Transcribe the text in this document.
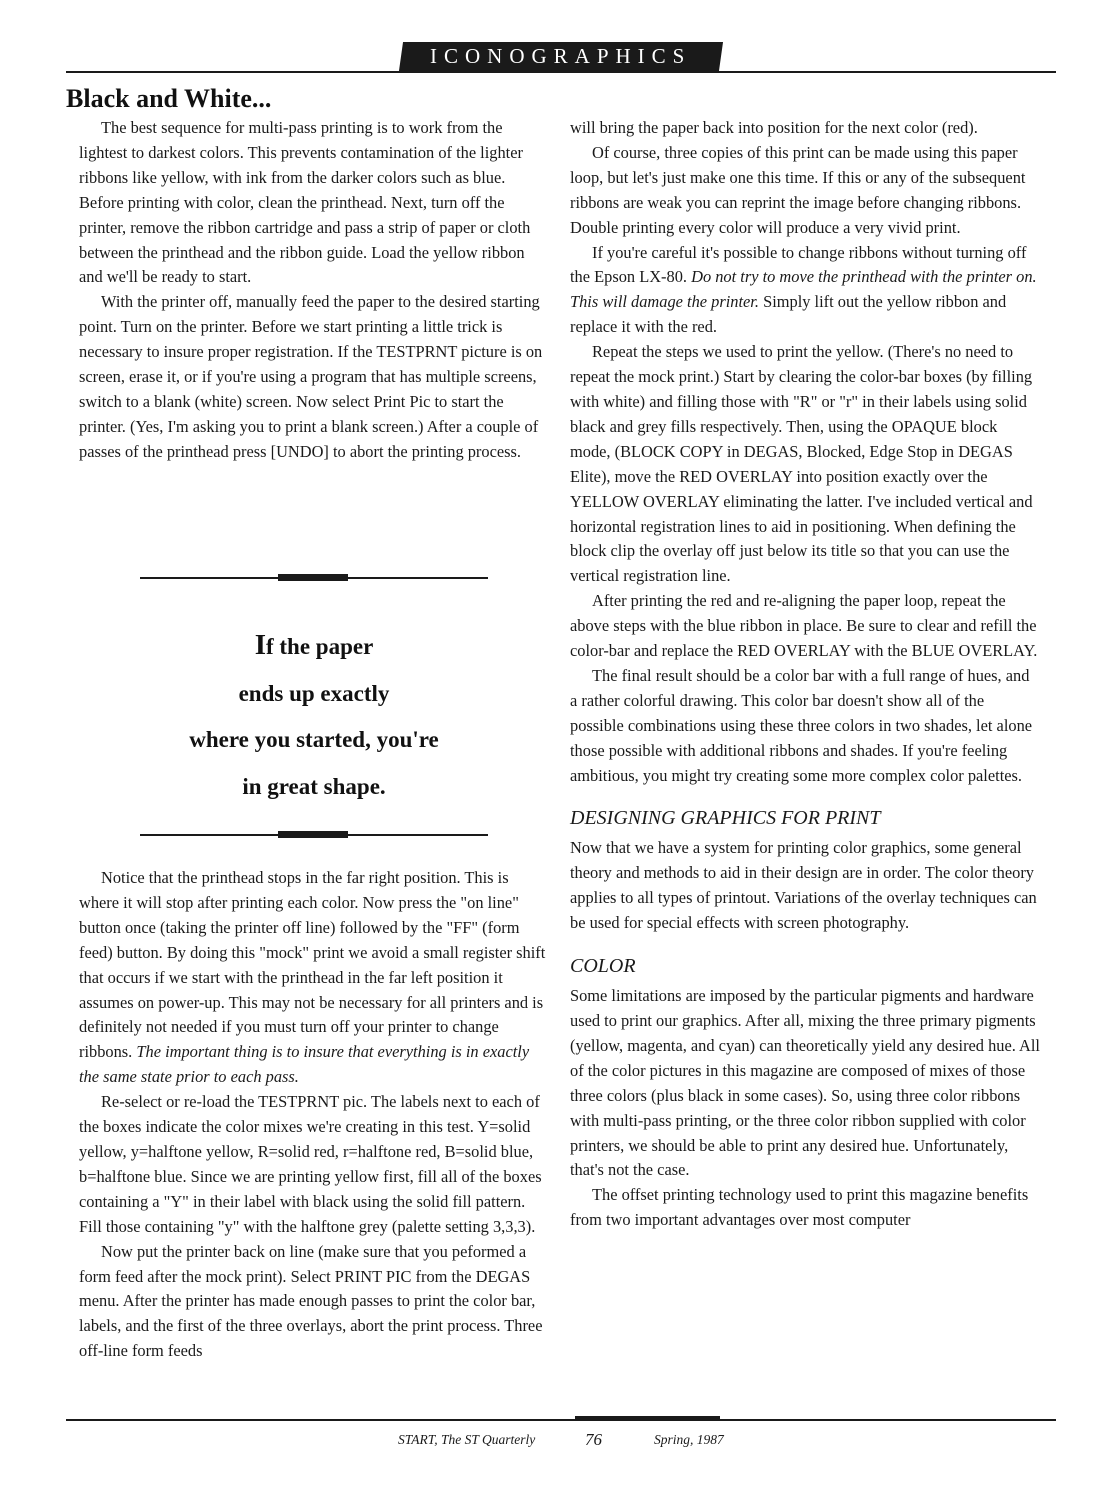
ICONOGRAPHICS
Black and White...

The best sequence for multi-pass printing is to work from the lightest to darkest colors. This prevents contamination of the lighter ribbons like yellow, with ink from the darker colors such as blue. Before printing with color, clean the printhead. Next, turn off the printer, remove the ribbon cartridge and pass a strip of paper or cloth between the printhead and the ribbon guide. Load the yellow ribbon and we'll be ready to start.

With the printer off, manually feed the paper to the desired starting point. Turn on the printer. Before we start printing a little trick is necessary to insure proper registration. If the TESTPRNT picture is on screen, erase it, or if you're using a program that has multiple screens, switch to a blank (white) screen. Now select Print Pic to start the printer. (Yes, I'm asking you to print a blank screen.) After a couple of passes of the printhead press [UNDO] to abort the printing process.

If the paper
ends up exactly
where you started, you're
in great shape.

Notice that the printhead stops in the far right position. This is where it will stop after printing each color. Now press the "on line" button once (taking the printer off line) followed by the "FF" (form feed) button. By doing this "mock" print we avoid a small register shift that occurs if we start with the printhead in the far left position it assumes on power-up. This may not be necessary for all printers and is definitely not needed if you must turn off your printer to change ribbons. The important thing is to insure that everything is in exactly the same state prior to each pass.

Re-select or re-load the TESTPRNT pic. The labels next to each of the boxes indicate the color mixes we're creating in this test. Y=solid yellow, y=halftone yellow, R=solid red, r=halftone red, B=solid blue, b=halftone blue. Since we are printing yellow first, fill all of the boxes containing a "Y" in their label with black using the solid fill pattern. Fill those containing "y" with the halftone grey (palette setting 3,3,3).

Now put the printer back on line (make sure that you peformed a form feed after the mock print). Select PRINT PIC from the DEGAS menu. After the printer has made enough passes to print the color bar, labels, and the first of the three overlays, abort the print process. Three off-line form feeds

will bring the paper back into position for the next color (red).

Of course, three copies of this print can be made using this paper loop, but let's just make one this time. If this or any of the subsequent ribbons are weak you can reprint the image before changing ribbons. Double printing every color will produce a very vivid print.

If you're careful it's possible to change ribbons without turning off the Epson LX-80. Do not try to move the printhead with the printer on. This will damage the printer. Simply lift out the yellow ribbon and replace it with the red.

Repeat the steps we used to print the yellow. (There's no need to repeat the mock print.) Start by clearing the color-bar boxes (by filling with white) and filling those with "R" or "r" in their labels using solid black and grey fills respectively. Then, using the OPAQUE block mode, (BLOCK COPY in DEGAS, Blocked, Edge Stop in DEGAS Elite), move the RED OVERLAY into position exactly over the YELLOW OVERLAY eliminating the latter. I've included vertical and horizontal registration lines to aid in positioning. When defining the block clip the overlay off just below its title so that you can use the vertical registration line.

After printing the red and re-aligning the paper loop, repeat the above steps with the blue ribbon in place. Be sure to clear and refill the color-bar and replace the RED OVERLAY with the BLUE OVERLAY.

The final result should be a color bar with a full range of hues, and a rather colorful drawing. This color bar doesn't show all of the possible combinations using these three colors in two shades, let alone those possible with additional ribbons and shades. If you're feeling ambitious, you might try creating some more complex color palettes.

DESIGNING GRAPHICS FOR PRINT

Now that we have a system for printing color graphics, some general theory and methods to aid in their design are in order. The color theory applies to all types of printout. Variations of the overlay techniques can be used for special effects with screen photography.

COLOR

Some limitations are imposed by the particular pigments and hardware used to print our graphics. After all, mixing the three primary pigments (yellow, magenta, and cyan) can theoretically yield any desired hue. All of the color pictures in this magazine are composed of mixes of those three colors (plus black in some cases). So, using three color ribbons with multi-pass printing, or the three color ribbon supplied with color printers, we should be able to print any desired hue. Unfortunately, that's not the case.

The offset printing technology used to print this magazine benefits from two important advantages over most computer

START, The ST Quarterly	76	Spring, 1987
